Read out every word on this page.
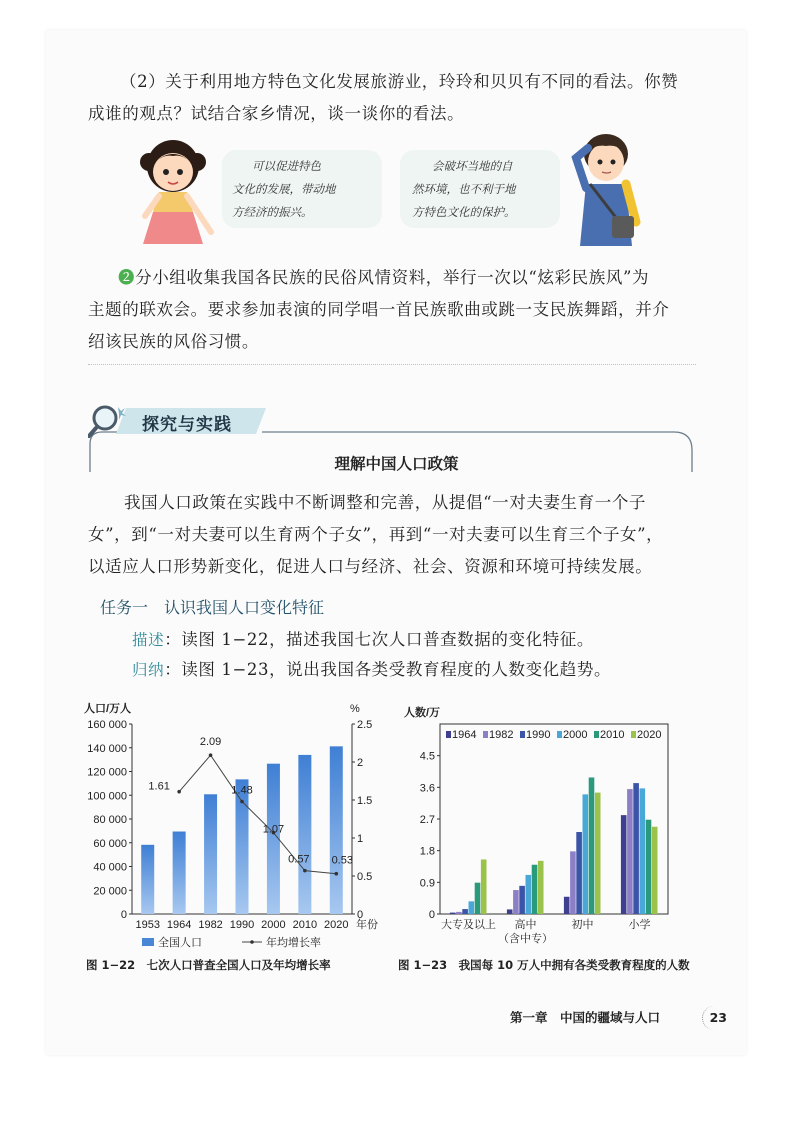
（2）关于利用地方特色文化发展旅游业，玲玲和贝贝有不同的看法。你赞
成谁的观点？试结合家乡情况，谈一谈你的看法。
可以促进特色
文化的发展，带动地
方经济的振兴。
会破坏当地的自
然环境，也不利于地
方特色文化的保护。
❷分小组收集我国各民族的民俗风情资料，举行一次以“炫彩民族风”为
主题的联欢会。要求参加表演的同学唱一首民族歌曲或跳一支民族舞蹈，并介
绍该民族的风俗习惯。
探究与实践
理解中国人口政策
我国人口政策在实践中不断调整和完善，从提倡“一对夫妻生育一个子
女”，到“一对夫妻可以生育两个子女”，再到“一对夫妻可以生育三个子女”，
以适应人口形势新变化，促进人口与经济、社会、资源和环境可持续发展。
任务一　认识我国人口变化特征
描述：读图 1−22，描述我国七次人口普查数据的变化特征。
归纳：读图 1−23，说出我国各类受教育程度的人数变化趋势。
人口/万人	%
160 000
140 000
120 000
100 000
80 000
60 000
40 000
20 000
0
2.5
2
1.5
1
0.5
0
1953 1964 1982 1990 2000 2010 2020 年份
1.61
2.09
1.48
1.07
0.57 0.53
全国人口	年均增长率
人数/万
4.5
3.6
2.7
1.8
0.9
0
大专及以上 高中
（含中专）
初中	小学
1964 1982 1990 2000 2010 2020
图 1−22　七次人口普查全国人口及年均增长率	图 1−23　我国每 10 万人中拥有各类受教育程度的人数
第一章　中国的疆域与人口	23
